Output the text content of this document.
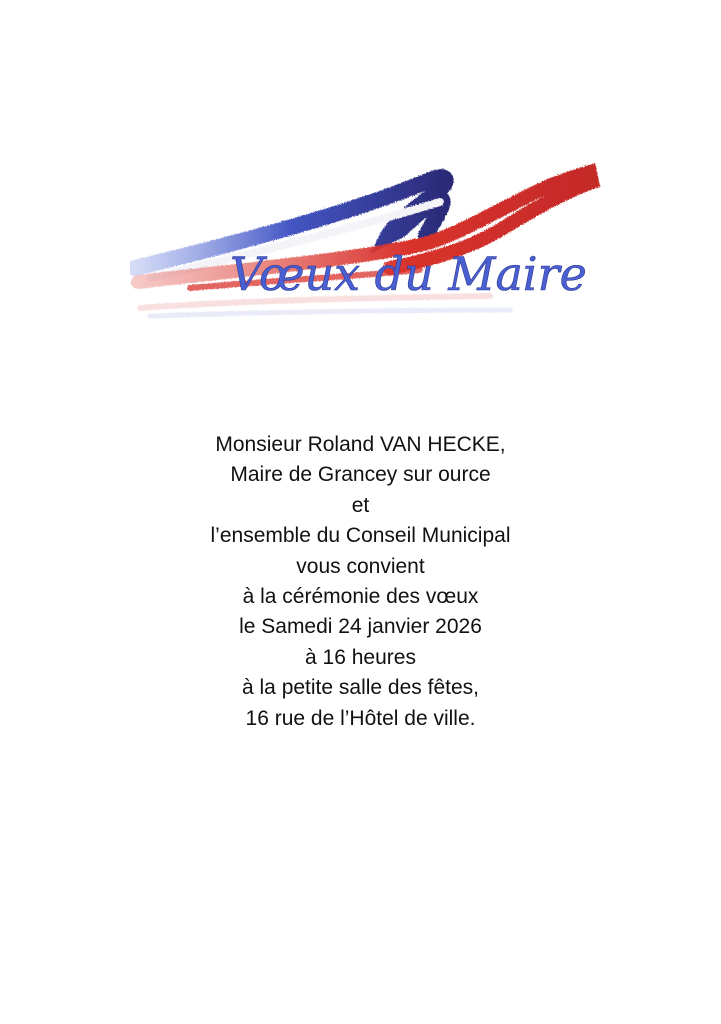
Vœux du Maire
Monsieur Roland VAN HECKE,
Maire de Grancey sur ource
et
l’ensemble du Conseil Municipal
vous convient
à la cérémonie des vœux
le Samedi 24 janvier 2026
à 16 heures
à la petite salle des fêtes,
16 rue de l’Hôtel de ville.
